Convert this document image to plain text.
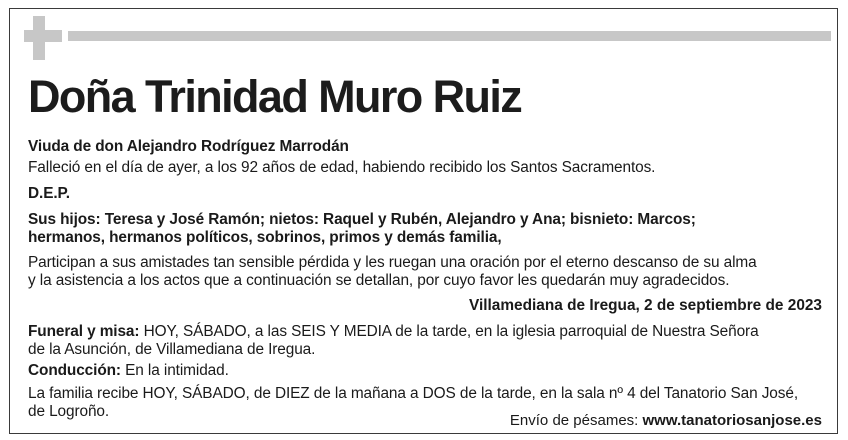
Doña Trinidad Muro Ruiz
Viuda de don Alejandro Rodríguez Marrodán
Falleció en el día de ayer, a los 92 años de edad, habiendo recibido los Santos Sacramentos.
D.E.P.
Sus hijos: Teresa y José Ramón; nietos: Raquel y Rubén, Alejandro y Ana; bisnieto: Marcos;
hermanos, hermanos políticos, sobrinos, primos y demás familia,
Participan a sus amistades tan sensible pérdida y les ruegan una oración por el eterno descanso de su alma
y la asistencia a los actos que a continuación se detallan, por cuyo favor les quedarán muy agradecidos.
Villamediana de Iregua, 2 de septiembre de 2023
Funeral y misa: HOY, SÁBADO, a las SEIS Y MEDIA de la tarde, en la iglesia parroquial de Nuestra Señora
de la Asunción, de Villamediana de Iregua.
Conducción: En la intimidad.
La familia recibe HOY, SÁBADO, de DIEZ de la mañana a DOS de la tarde, en la sala nº 4 del Tanatorio San José,
de Logroño.
Envío de pésames: www.tanatoriosanjose.es
